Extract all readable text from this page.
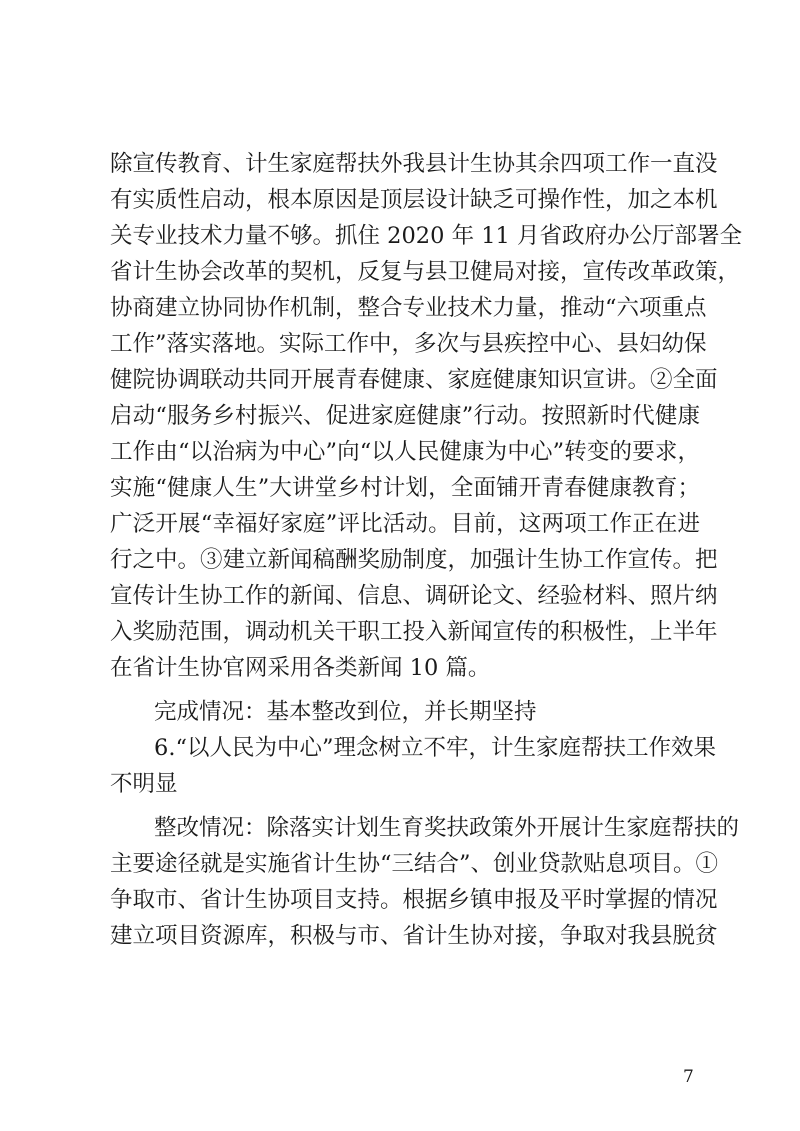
除宣传教育、计生家庭帮扶外我县计生协其余四项工作一直没
有实质性启动，根本原因是顶层设计缺乏可操作性，加之本机
关专业技术力量不够。抓住 2020 年 11 月省政府办公厅部署全
省计生协会改革的契机，反复与县卫健局对接，宣传改革政策，
协商建立协同协作机制，整合专业技术力量，推动“六项重点
工作”落实落地。实际工作中，多次与县疾控中心、县妇幼保
健院协调联动共同开展青春健康、家庭健康知识宣讲。②全面
启动“服务乡村振兴、促进家庭健康”行动。按照新时代健康
工作由“以治病为中心”向“以人民健康为中心”转变的要求，
实施“健康人生”大讲堂乡村计划，全面铺开青春健康教育；
广泛开展“幸福好家庭”评比活动。目前，这两项工作正在进
行之中。③建立新闻稿酬奖励制度，加强计生协工作宣传。把
宣传计生协工作的新闻、信息、调研论文、经验材料、照片纳
入奖励范围，调动机关干职工投入新闻宣传的积极性，上半年
在省计生协官网采用各类新闻 10 篇。
完成情况：基本整改到位，并长期坚持
6.“以人民为中心”理念树立不牢，计生家庭帮扶工作效果
不明显
整改情况：除落实计划生育奖扶政策外开展计生家庭帮扶的
主要途径就是实施省计生协“三结合”、创业贷款贴息项目。①
争取市、省计生协项目支持。根据乡镇申报及平时掌握的情况
建立项目资源库，积极与市、省计生协对接，争取对我县脱贫
7
